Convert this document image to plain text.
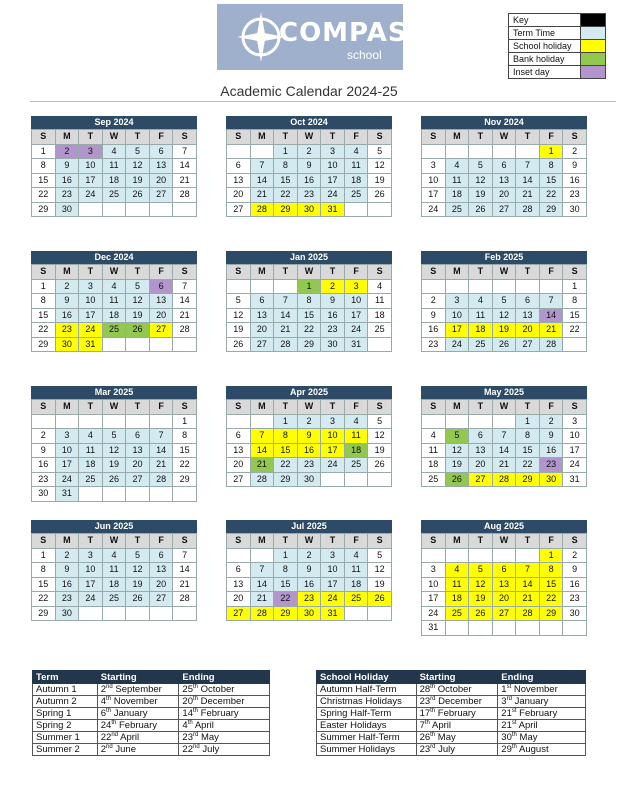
COMPASS
school
Key	
Term Time	
School holiday	
Bank holiday	
Inset day	
Academic Calendar 2024-25
Sep 2024
S	M	T	W	T	F	S
1	2	3	4	5	6	7
8	9	10	11	12	13	14
15	16	17	18	19	20	21
22	23	24	25	26	27	28
29	30					
Oct 2024
S	M	T	W	T	F	S
		1	2	3	4	5
6	7	8	9	10	11	12
13	14	15	16	17	18	19
20	21	22	23	24	25	26
27	28	29	30	31		
Nov 2024
S	M	T	W	T	F	S
					1	2
3	4	5	6	7	8	9
10	11	12	13	14	15	16
17	18	19	20	21	22	23
24	25	26	27	28	29	30
Dec 2024
S	M	T	W	T	F	S
1	2	3	4	5	6	7
8	9	10	11	12	13	14
15	16	17	18	19	20	21
22	23	24	25	26	27	28
29	30	31				
Jan 2025
S	M	T	W	T	F	S
			1	2	3	4
5	6	7	8	9	10	11
12	13	14	15	16	17	18
19	20	21	22	23	24	25
26	27	28	29	30	31	
Feb 2025
S	M	T	W	T	F	S
						1
2	3	4	5	6	7	8
9	10	11	12	13	14	15
16	17	18	19	20	21	22
23	24	25	26	27	28	
Mar 2025
S	M	T	W	T	F	S
						1
2	3	4	5	6	7	8
9	10	11	12	13	14	15
16	17	18	19	20	21	22
23	24	25	26	27	28	29
30	31					
Apr 2025
S	M	T	W	T	F	S
		1	2	3	4	5
6	7	8	9	10	11	12
13	14	15	16	17	18	19
20	21	22	23	24	25	26
27	28	29	30			
May 2025
S	M	T	W	T	F	S
				1	2	3
4	5	6	7	8	9	10
11	12	13	14	15	16	17
18	19	20	21	22	23	24
25	26	27	28	29	30	31
Jun 2025
S	M	T	W	T	F	S
1	2	3	4	5	6	7
8	9	10	11	12	13	14
15	16	17	18	19	20	21
22	23	24	25	26	27	28
29	30					
Jul 2025
S	M	T	W	T	F	S
		1	2	3	4	5
6	7	8	9	10	11	12
13	14	15	16	17	18	19
20	21	22	23	24	25	26
27	28	29	30	31		
Aug 2025
S	M	T	W	T	F	S
					1	2
3	4	5	6	7	8	9
10	11	12	13	14	15	16
17	18	19	20	21	22	23
24	25	26	27	28	29	30
31						
Term	Starting	Ending
Autumn 1	2nd September	25th October
Autumn 2	4th November	20th December
Spring 1	6th January	14th February
Spring 2	24th February	4th April
Summer 1	22nd April	23rd May
Summer 2	2nd June	22nd July
School Holiday	Starting	Ending
Autumn Half-Term	28th October	1st November
Christmas Holidays	23rd December	3rd January
Spring Half-Term	17th February	21st February
Easter Holidays	7th April	21st April
Summer Half-Term	26th May	30th May
Summer Holidays	23rd July	29th August
